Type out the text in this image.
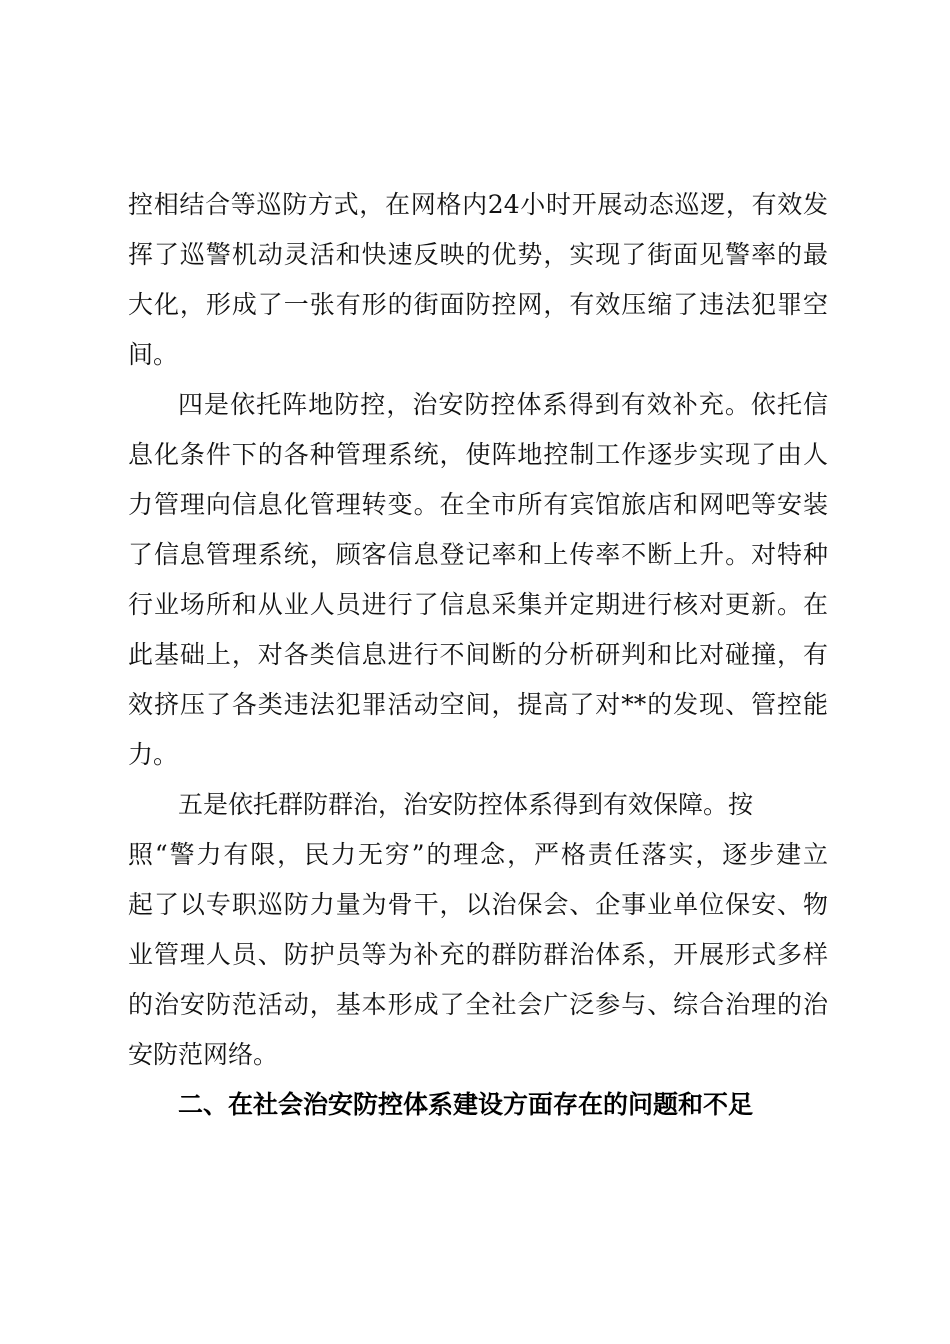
控相结合等巡防方式，在网格内24小时开展动态巡逻，有效发
挥了巡警机动灵活和快速反映的优势，实现了街面见警率的最
大化，形成了一张有形的街面防控网，有效压缩了违法犯罪空
间。
四是依托阵地防控，治安防控体系得到有效补充。依托信
息化条件下的各种管理系统，使阵地控制工作逐步实现了由人
力管理向信息化管理转变。在全市所有宾馆旅店和网吧等安装
了信息管理系统，顾客信息登记率和上传率不断上升。对特种
行业场所和从业人员进行了信息采集并定期进行核对更新。在
此基础上，对各类信息进行不间断的分析研判和比对碰撞，有
效挤压了各类违法犯罪活动空间，提高了对**的发现、管控能
力。
五是依托群防群治，治安防控体系得到有效保障。按
照“警力有限，民力无穷”的理念，严格责任落实，逐步建立
起了以专职巡防力量为骨干，以治保会、企事业单位保安、物
业管理人员、防护员等为补充的群防群治体系，开展形式多样
的治安防范活动，基本形成了全社会广泛参与、综合治理的治
安防范网络。
二、在社会治安防控体系建设方面存在的问题和不足
